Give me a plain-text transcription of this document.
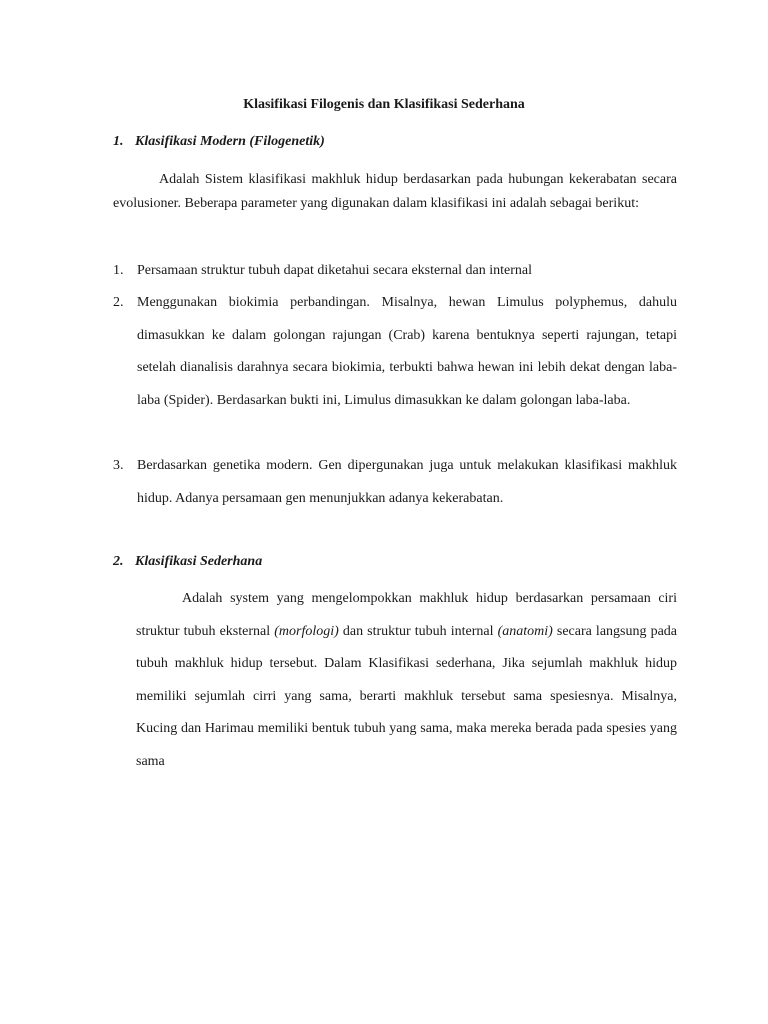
Klasifikasi Filogenis dan Klasifikasi Sederhana
1. Klasifikasi Modern (Filogenetik)

Adalah Sistem klasifikasi makhluk hidup berdasarkan pada hubungan kekerabatan secara evolusioner. Beberapa parameter yang digunakan dalam klasifikasi ini adalah sebagai berikut:

1. Persamaan struktur tubuh dapat diketahui secara eksternal dan internal
2. Menggunakan biokimia perbandingan. Misalnya, hewan Limulus polyphemus, dahulu dimasukkan ke dalam golongan rajungan (Crab) karena bentuknya seperti rajungan, tetapi setelah dianalisis darahnya secara biokimia, terbukti bahwa hewan ini lebih dekat dengan laba-laba (Spider). Berdasarkan bukti ini, Limulus dimasukkan ke dalam golongan laba-laba.
3. Berdasarkan genetika modern. Gen dipergunakan juga untuk melakukan klasifikasi makhluk hidup. Adanya persamaan gen menunjukkan adanya kekerabatan.
2. Klasifikasi Sederhana

Adalah system yang mengelompokkan makhluk hidup berdasarkan persamaan ciri struktur tubuh eksternal (morfologi) dan struktur tubuh internal (anatomi) secara langsung pada tubuh makhluk hidup tersebut. Dalam Klasifikasi sederhana, Jika sejumlah makhluk hidup memiliki sejumlah cirri yang sama, berarti makhluk tersebut sama spesiesnya. Misalnya, Kucing dan Harimau memiliki bentuk tubuh yang sama, maka mereka berada pada spesies yang sama
